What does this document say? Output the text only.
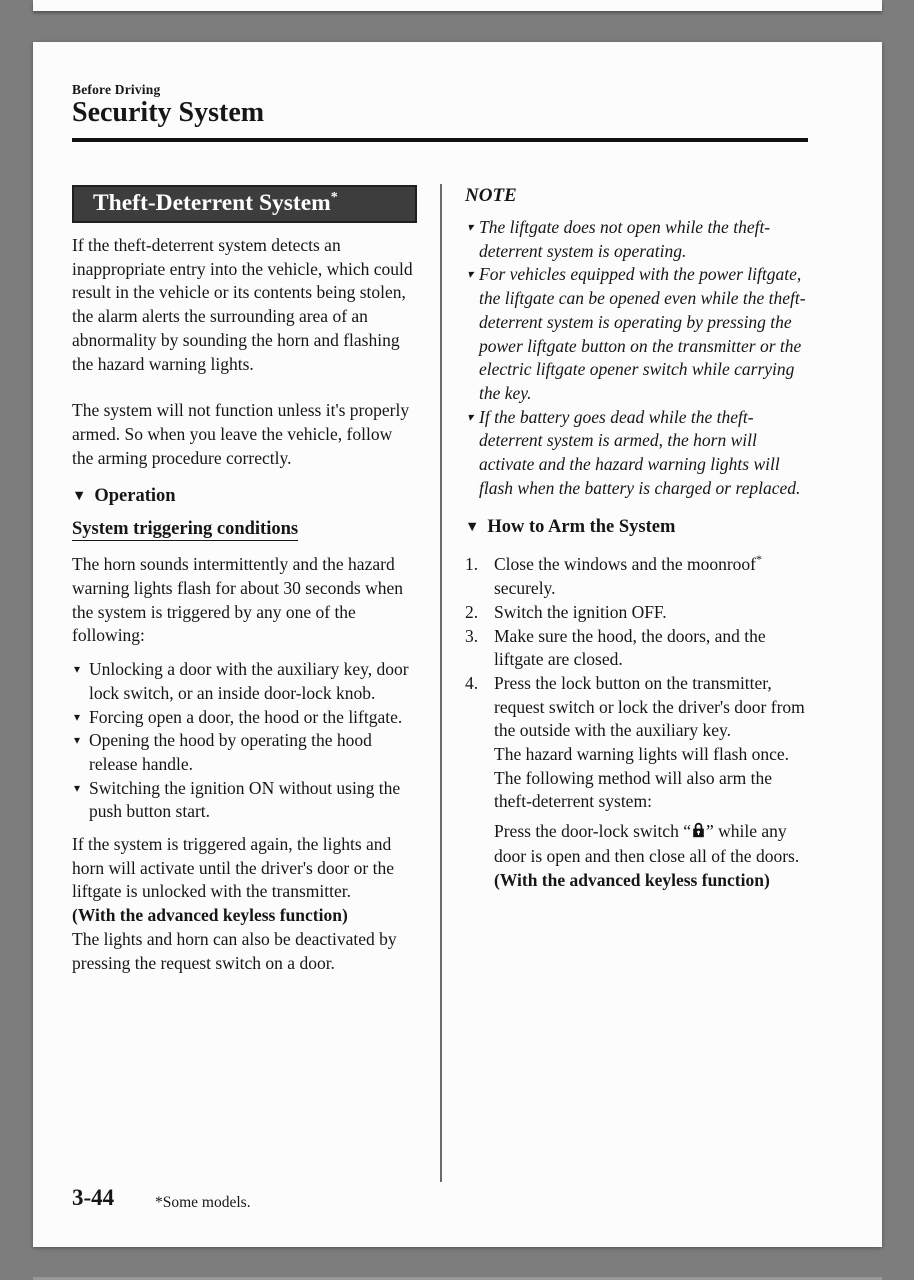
Before Driving
Security System
Theft-Deterrent System*

If the theft-deterrent system detects an inappropriate entry into the vehicle, which could result in the vehicle or its contents being stolen, the alarm alerts the surrounding area of an abnormality by sounding the horn and flashing the hazard warning lights.

The system will not function unless it's properly armed. So when you leave the vehicle, follow the arming procedure correctly.

▼ Operation
System triggering conditions

The horn sounds intermittently and the hazard warning lights flash for about 30 seconds when the system is triggered by any one of the following:

▾ Unlocking a door with the auxiliary key, door lock switch, or an inside door-lock knob.
▾ Forcing open a door, the hood or the liftgate.
▾ Opening the hood by operating the hood release handle.
▾ Switching the ignition ON without using the push button start.

If the system is triggered again, the lights and horn will activate until the driver's door or the liftgate is unlocked with the transmitter.

(With the advanced keyless function)

The lights and horn can also be deactivated by pressing the request switch on a door.

NOTE
▾ The liftgate does not open while the theft-deterrent system is operating.
▾ For vehicles equipped with the power liftgate, the liftgate can be opened even while the theft-deterrent system is operating by pressing the power liftgate button on the transmitter or the electric liftgate opener switch while carrying the key.
▾ If the battery goes dead while the theft-deterrent system is armed, the horn will activate and the hazard warning lights will flash when the battery is charged or replaced.
▼ How to Arm the System
1. Close the windows and the moonroof* securely.
2. Switch the ignition OFF.
3. Make sure the hood, the doors, and the liftgate are closed.
4. Press the lock button on the transmitter, request switch or lock the driver's door from the outside with the auxiliary key.

The hazard warning lights will flash once.

The following method will also arm the theft-deterrent system:

Press the door-lock switch “ ” while any door is open and then close all of the doors.

(With the advanced keyless function)

3-44	*Some models.
